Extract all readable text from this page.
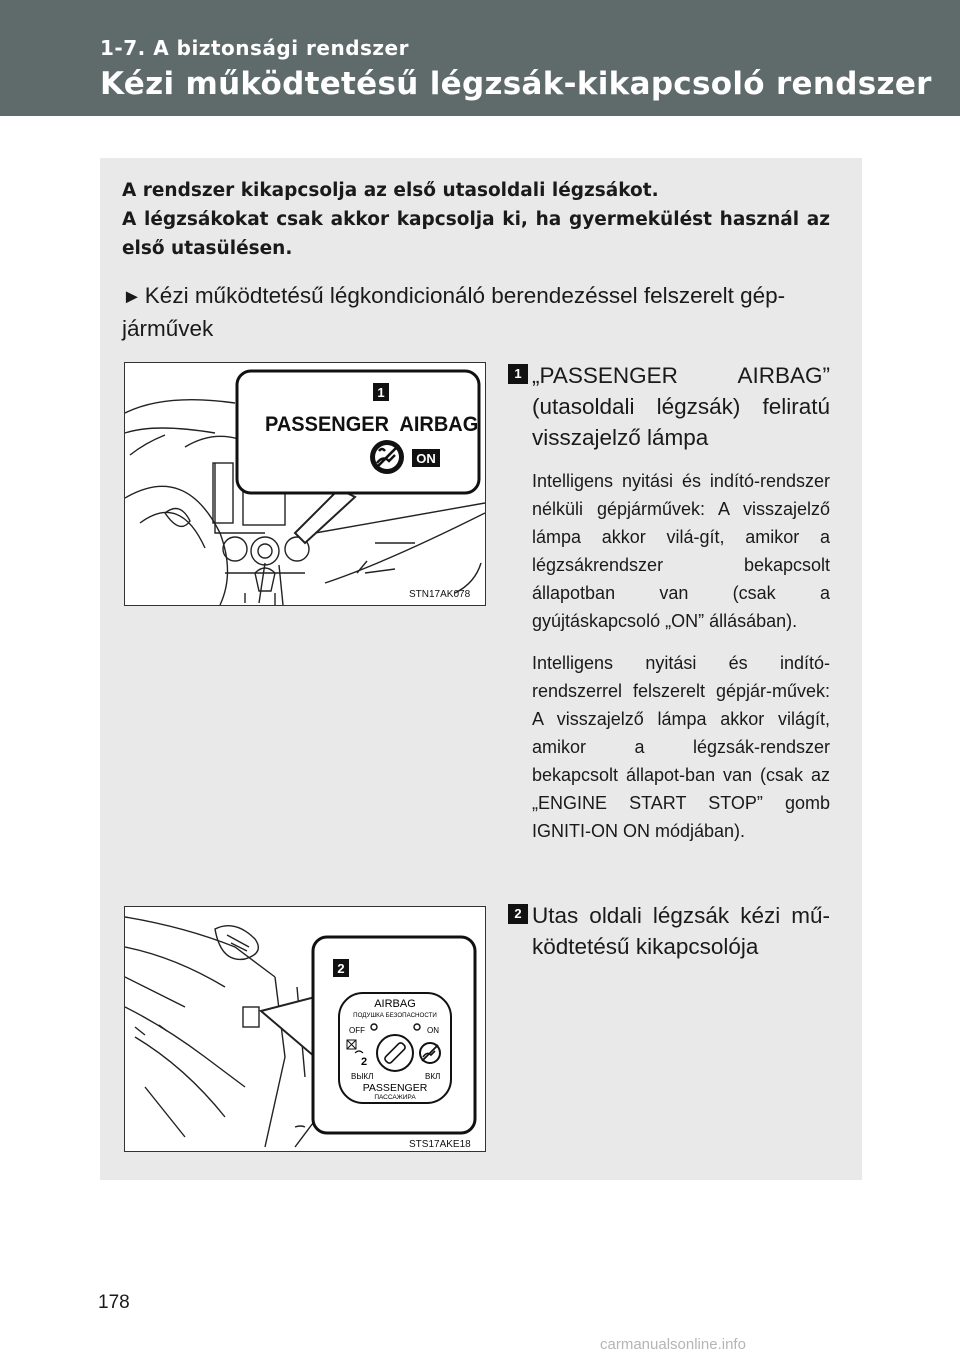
1-7. A biztonsági rendszer
Kézi működtetésű légzsák-kikapcsoló rendszer

A rendszer kikapcsolja az első utasoldali légzsákot.

A légzsákokat csak akkor kapcsolja ki, ha gyermekülést használ az első utasülésen.

► Kézi működtetésű légkondicionáló berendezéssel felszerelt gép-járművek
1
PASSENGER  AIRBAG
ON
STN17AK078
2
AIRBAG
ПОДУШКА БЕЗОПАСНОСТИ
OFF	ON
2
ВЫКЛ	ВКЛ
PASSENGER
ПАССАЖИРА
STS17AKE18
1 „PASSENGER AIRBAG” (utasoldali légzsák) feliratú visszajelző lámpa
Intelligens nyitási és indító-rendszer nélküli gépjárművek: A visszajelző lámpa akkor vilá-gít, amikor a légzsákrendszer bekapcsolt állapotban van (csak a gyújtáskapcsoló „ON” állásában).
Intelligens nyitási és indító-rendszerrel felszerelt gépjár-művek: A visszajelző lámpa akkor világít, amikor a légzsák-rendszer bekapcsolt állapot-ban van (csak az „ENGINE START STOP” gomb IGNITI-ON ON módjában).
2 Utas oldali légzsák kézi mű-ködtetésű kikapcsolója
178
carmanualsonline.info
